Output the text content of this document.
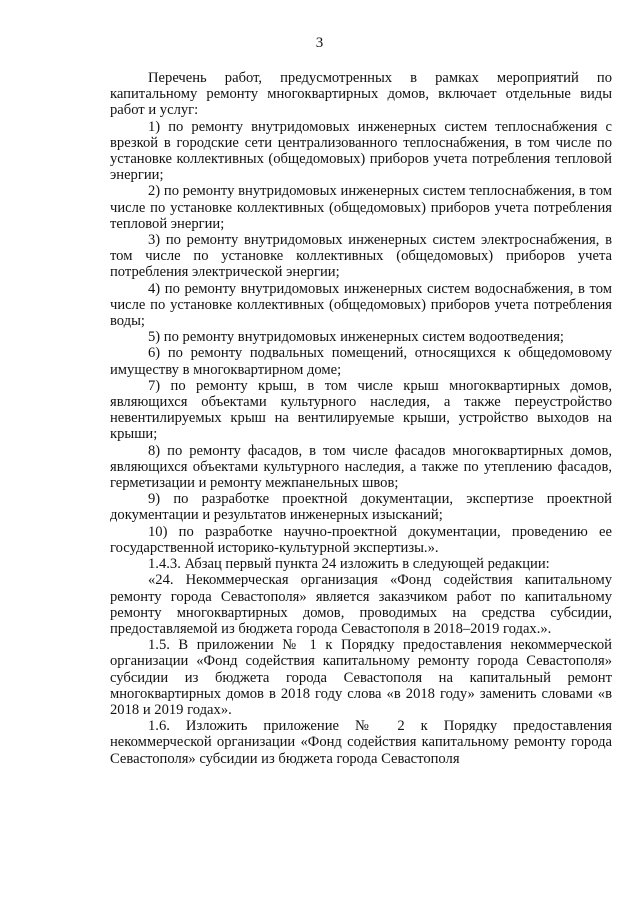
3

Перечень работ, предусмотренных в рамках мероприятий по капитальному ремонту многоквартирных домов, включает отдельные виды работ и услуг:

1) по ремонту внутридомовых инженерных систем теплоснабжения с врезкой в городские сети централизованного теплоснабжения, в том числе по установке коллективных (общедомовых) приборов учета потребления тепловой энергии;

2) по ремонту внутридомовых инженерных систем теплоснабжения, в том числе по установке коллективных (общедомовых) приборов учета потребления тепловой энергии;

3) по ремонту внутридомовых инженерных систем электроснабжения, в том числе по установке коллективных (общедомовых) приборов учета потребления электрической энергии;

4) по ремонту внутридомовых инженерных систем водоснабжения, в том числе по установке коллективных (общедомовых) приборов учета потребления воды;

5) по ремонту внутридомовых инженерных систем водоотведения;

6) по ремонту подвальных помещений, относящихся к общедомовому имуществу в многоквартирном доме;

7) по ремонту крыш, в том числе крыш многоквартирных домов, являющихся объектами культурного наследия, а также переустройство невентилируемых крыш на вентилируемые крыши, устройство выходов на крыши;

8) по ремонту фасадов, в том числе фасадов многоквартирных домов, являющихся объектами культурного наследия, а также по утеплению фасадов, герметизации и ремонту межпанельных швов;

9) по разработке проектной документации, экспертизе проектной документации и результатов инженерных изысканий;

10) по разработке научно-проектной документации, проведению ее государственной историко-культурной экспертизы.».

1.4.3. Абзац первый пункта 24 изложить в следующей редакции:

«24. Некоммерческая организация «Фонд содействия капитальному ремонту города Севастополя» является заказчиком работ по капитальному ремонту многоквартирных домов, проводимых на средства субсидии, предоставляемой из бюджета города Севастополя в 2018–2019 годах.».

1.5. В приложении № 1 к Порядку предоставления некоммерческой организации «Фонд содействия капитальному ремонту города Севастополя» субсидии из бюджета города Севастополя на капитальный ремонт многоквартирных домов в 2018 году слова «в 2018 году» заменить словами «в 2018 и 2019 годах».

1.6. Изложить приложение № 2 к Порядку предоставления некоммерческой организации «Фонд содействия капитальному ремонту города Севастополя» субсидии из бюджета города Севастополя
